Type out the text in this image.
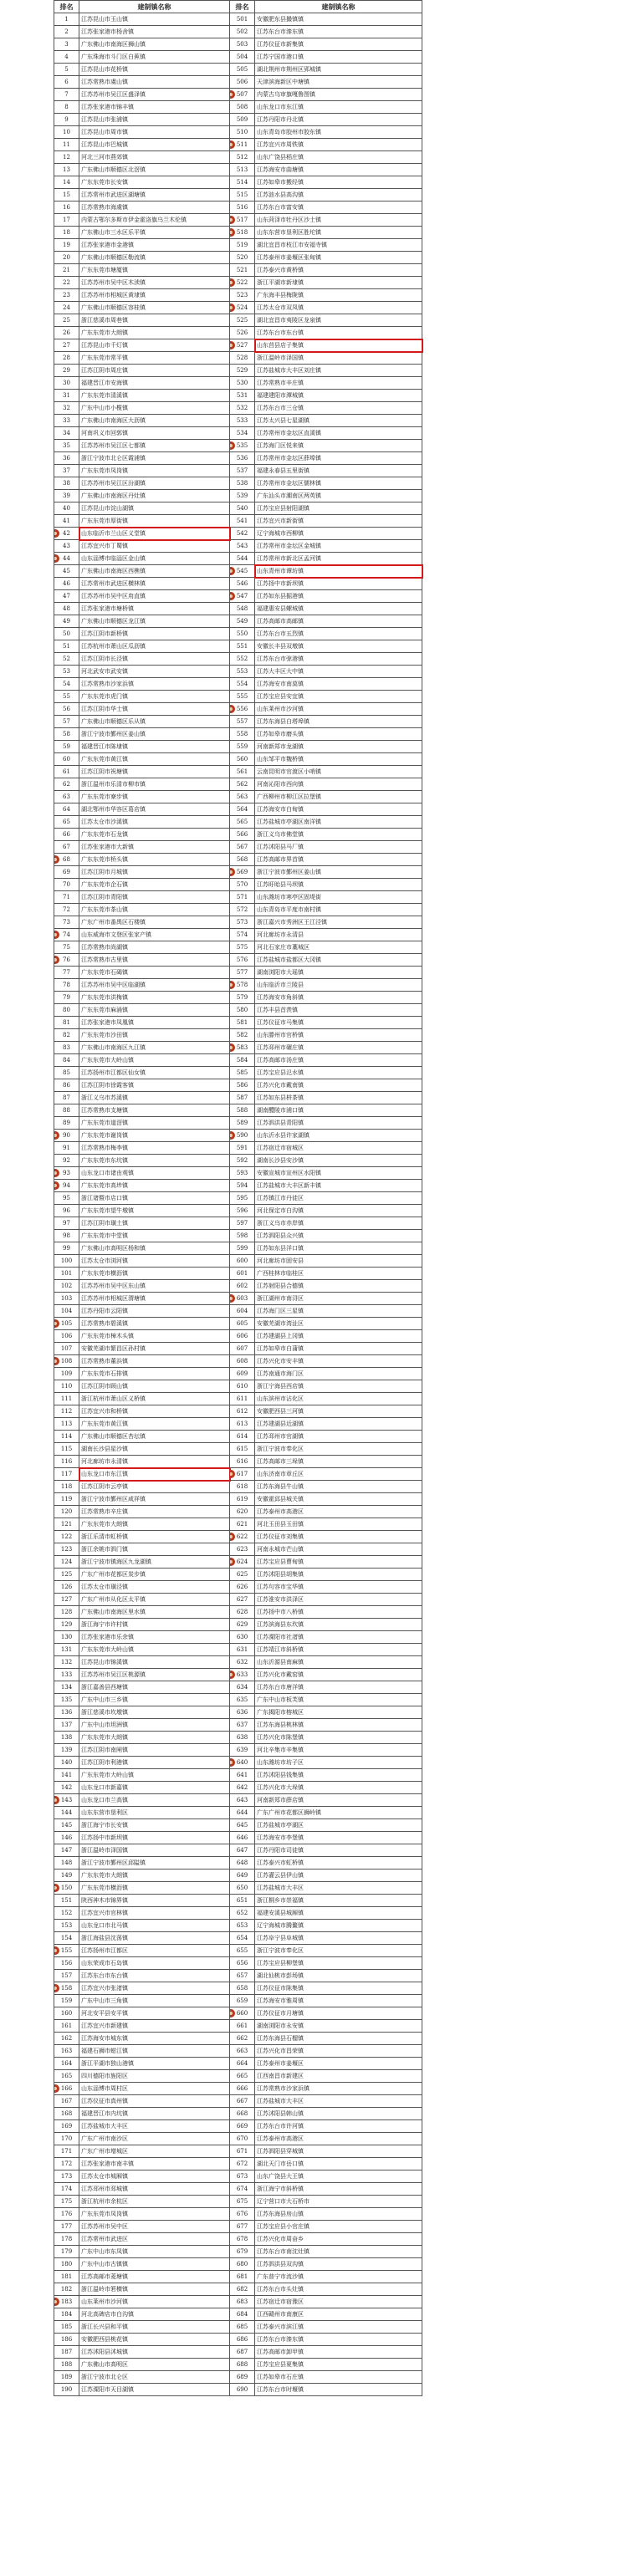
排名	建制镇名称	排名	建制镇名称
1	江苏昆山市玉山镇	501	安徽肥东县撮镇镇
2	江苏张家港市杨舍镇	502	江苏东台市溱东镇
3	广东佛山市南海区狮山镇	503	江苏仪征市新集镇
4	广东珠海市斗门区白蕉镇	504	江苏宁国市港口镇
5	江苏昆山市花桥镇	505	湖北荆州市荆州区郢城镇
6	江苏常熟市虞山镇	506	天津滨海新区中塘镇
7	江苏苏州市吴江区盛泽镇	507	内蒙古乌审旗嘎鲁图镇
8	江苏张家港市锦丰镇	508	山东龙口市东江镇
9	江苏昆山市张浦镇	509	江苏丹阳市丹北镇
10	江苏昆山市周市镇	510	山东青岛市胶州市胶东镇
11	江苏昆山市巴城镇	511	江苏宜兴市周铁镇
12	河北三河市燕郊镇	512	山东广饶县稻庄镇
13	广东佛山市顺德区北滘镇	513	江苏海安市曲塘镇
14	广东东莞市长安镇	514	江苏如皋市搬经镇
15	江苏常州市武进区湖塘镇	515	江苏涟水县高沟镇
16	江苏常熟市海虞镇	516	江苏东台市富安镇
17	内蒙古鄂尔多斯市伊金霍洛旗乌兰木伦镇	517	山东菏泽市牡丹区沙土镇
18	广东佛山市三水区乐平镇	518	山东东营市垦利区胜坨镇
19	江苏张家港市金港镇	519	湖北宜昌市枝江市安福寺镇
20	广东佛山市顺德区勒流镇	520	江苏泰州市姜堰区张甸镇
21	广东东莞市塘厦镇	521	江苏泰兴市黄桥镇
22	江苏苏州市吴中区木渎镇	522	浙江平湖市新埭镇
23	江苏苏州市相城区黄埭镇	523	广东海丰县梅陇镇
24	广东佛山市顺德区容桂镇	524	江苏太仓市双凤镇
25	浙江慈溪市周巷镇	525	湖北宜昌市夷陵区龙泉镇
26	广东东莞市大朗镇	526	江苏东台市东台镇
27	江苏昆山市千灯镇	527	山东莒县店子集镇
28	广东东莞市常平镇	528	浙江温岭市泽国镇
29	江苏江阴市周庄镇	529	江苏盐城市大丰区刘庄镇
30	福建晋江市安海镇	530	江苏常熟市辛庄镇
31	广东东莞市清溪镇	531	福建建阳市潭城镇
32	广东中山市小榄镇	532	江苏东台市三仓镇
33	广东佛山市南海区大沥镇	533	江苏太兴县七星湖镇
34	河南巩义市回郭镇	534	江苏常州市金坛区直溪镇
35	江苏苏州市吴江区七都镇	535	江苏海门区悦来镇
36	浙江宁波市北仑区霞浦镇	536	江苏常州市金坛区薛埠镇
37	广东东莞市凤岗镇	537	福建永春县五里街镇
38	江苏苏州市吴江区汾湖镇	538	江苏常州市金坛区儒林镇
39	广东佛山市南海区丹灶镇	539	广东汕头市潮南区两英镇
40	江苏昆山市淀山湖镇	540	江苏宝应县射阳湖镇
41	广东东莞市厚街镇	541	江苏宜兴市新街镇

42	山东临沂市兰山区义堂镇	542	辽宁海城市西柳镇
43	江苏宜兴市丁蜀镇	543	江苏常州市金坛区金城镇

44	山东淄博市临淄区金山镇	544	江苏常州市新北区孟河镇
45	广东佛山市南海区西樵镇	545	山东青州市谭坊镇
46	江苏常州市武进区横林镇	546	江苏扬中市新坝镇
47	江苏苏州市吴中区甪直镇	547	江苏如东县掘港镇
48	江苏张家港市塘桥镇	548	福建惠安县螺城镇
49	广东佛山市顺德区龙江镇	549	江苏高邮市高邮镇
50	江苏江阴市新桥镇	550	江苏东台市五烈镇
51	江苏杭州市萧山区瓜沥镇	551	安徽长丰县双墩镇
52	江苏江阴市长泾镇	552	江苏东台市弶港镇
53	河北武安市武安镇	553	江苏大丰区大中镇
54	江苏常熟市沙家浜镇	554	江苏海安市南莫镇
55	广东东莞市虎门镇	555	江苏宝应县安宜镇
56	江苏江阴市华士镇	556	山东莱州市沙河镇
57	广东佛山市顺德区乐从镇	557	江苏东海县白塔埠镇
58	浙江宁波市鄞州区姜山镇	558	江苏如皋市磨头镇
59	福建晋江市陈埭镇	559	河南新郑市龙湖镇
60	广东东莞市黄江镇	560	山东邹平市魏桥镇
61	江苏江阴市祝塘镇	561	云南昆明市官渡区小哨镇
62	浙江温州市乐清市柳市镇	562	河南沁阳市西向镇
63	广东东莞市寮步镇	563	广西柳州市柳江区拉堡镇
64	湖北鄂州市华容区葛店镇	564	江苏海安市白甸镇
65	江苏太仓市沙溪镇	565	江苏盐城市亭湖区南洋镇
66	广东东莞市石龙镇	566	浙江义乌市佛堂镇
67	江苏张家港市大新镇	567	江苏沭阳县马厂镇

68	广东东莞市桥头镇	568	江苏高邮市界首镇
69	江苏江阴市月城镇	569	浙江宁波市鄞州区姜山镇
70	广东东莞市企石镇	570	江苏盱眙县马坝镇
71	江苏江阴市青阳镇	571	山东潍坊市寒亭区固堤街
72	广东东莞市茶山镇	572	山东青岛市平度市南村镇
73	广东广州市番禺区石楼镇	573	浙江嘉兴市秀洲区王江泾镇

74	山东威海市文登区张家产镇	574	河北廊坊市永清县
75	江苏常熟市尚湖镇	575	河北石家庄市藁城区

76	江苏常熟市古里镇	576	江苏盐城市盐都区大冈镇
77	广东东莞市石碣镇	577	湖南浏阳市大瑶镇
78	江苏苏州市吴中区临湖镇	578	山东临沂市兰陵县
79	广东东莞市洪梅镇	579	江苏海安市角斜镇
80	广东东莞市麻涌镇	580	江苏丰县首羡镇
81	江苏张家港市凤凰镇	581	江苏仪征市马集镇
82	广东东莞市沙田镇	582	山东滕州市官桥镇
83	广东佛山市南海区九江镇	583	江苏邳州市碾庄镇
84	广东东莞市大岭山镇	584	江苏高邮市汤庄镇
85	江苏扬州市江都区仙女镇	585	江苏宝应县氾水镇
86	江苏江阴市徐霞客镇	586	江苏兴化市戴南镇
87	浙江义乌市苏溪镇	587	江苏如东县栟茶镇
88	江苏常熟市支塘镇	588	湖南醴陵市浦口镇
89	广东东莞市道滘镇	589	江苏泗洪县青阳镇

90	广东东莞市谢岗镇	590	山东沂水县许家湖镇
91	江苏常熟市梅李镇	591	江苏宿迁市宿城区
92	广东东莞市东坑镇	592	湖南长沙县安沙镇

93	山东龙口市诸由观镇	593	安徽宣城市宣州区水阳镇

94	广东东莞市高埗镇	594	江苏盐城市大丰区新丰镇
95	浙江诸暨市店口镇	595	江苏镇江市丹徒区
96	广东东莞市望牛墩镇	596	河北保定市白沟镇
97	江苏江阴市璜土镇	597	浙江义乌市赤岸镇
98	广东东莞市中堂镇	598	江苏泗阳县众兴镇
99	广东佛山市高明区杨和镇	599	江苏如东县洋口镇
100	江苏太仓市浏河镇	600	河北廊坊市固安县
101	广东东莞市横沥镇	601	广西桂林市临桂区
102	江苏苏州市吴中区东山镇	602	江苏射阳县合德镇
103	江苏苏州市相城区渭塘镇	603	浙江湖州市南浔区
104	江苏丹阳市云阳镇	604	江苏海门区三星镇

105	江苏常熟市碧溪镇	605	安徽芜湖市湾沚区
106	广东东莞市樟木头镇	606	江苏建湖县上冈镇
107	安徽芜湖市繁昌区孙村镇	607	江苏如皋市白蒲镇

108	江苏常熟市董浜镇	608	江苏兴化市安丰镇
109	广东东莞市石排镇	609	江苏南通市海门区
110	江苏江阴市顾山镇	610	浙江宁海县西店镇
111	浙江杭州市萧山区义桥镇	611	山东滨州市沾化区
112	江苏宜兴市和桥镇	612	安徽肥西县三河镇
113	广东东莞市黄江镇	613	江苏建湖县近湖镇
114	广东佛山市顺德区杏坛镇	614	江苏邳州市官湖镇
115	湖南长沙县星沙镇	615	浙江宁波市奉化区
116	河北廊坊市永清镇	616	江苏高邮市三垛镇
117	山东龙口市东江镇	617	山东济南市章丘区
118	江苏江阴市云亭镇	618	江苏东海县牛山镇
119	浙江宁波市鄞州区咸祥镇	619	安徽霍邱县城关镇
120	江苏常熟市辛庄镇	620	江苏泰州市高港区
121	广东东莞市大朗镇	621	河北玉田县玉田镇
122	浙江乐清市虹桥镇	622	江苏仪征市刘集镇
123	浙江余姚市泗门镇	623	河南永城市芒山镇
124	浙江宁波市镇海区九龙湖镇	624	江苏宝应县曹甸镇
125	广东广州市花都区炭步镇	625	江苏沭阳县胡集镇
126	江苏太仓市璜泾镇	626	江苏句容市宝华镇
127	广东广州市从化区太平镇	627	江苏淮安市洪泽区
128	广东佛山市南海区里水镇	628	江苏扬中市八桥镇
129	浙江海宁市许村镇	629	江苏滨海县东坎镇
130	江苏张家港市乐余镇	630	江苏溧阳市社渚镇
131	广东东莞市大岭山镇	631	江苏靖江市斜桥镇
132	江苏昆山市锦溪镇	632	山东沂源县南麻镇
133	江苏苏州市吴江区桃源镇	633	江苏兴化市戴窑镇
134	浙江嘉善县西塘镇	634	江苏东台市唐洋镇
135	广东中山市三乡镇	635	广东中山市板芙镇
136	浙江慈溪市坎墩镇	636	广东揭阳市榕城区
137	广东中山市坦洲镇	637	江苏东海县桃林镇
138	广东东莞市大朗镇	638	江苏兴化市陈堡镇
139	江苏江阴市南闸镇	639	河北辛集市辛集镇
140	江苏江阴市利港镇	640	山东潍坊市坊子区
141	广东东莞市大岭山镇	641	江苏沭阳县钱集镇
142	山东龙口市新嘉镇	642	江苏兴化市大垛镇

143	山东龙口市兰高镇	643	河南新郑市薛店镇
144	山东东营市垦利区	644	广东广州市花都区狮岭镇
145	浙江海宁市长安镇	645	江苏盐城市亭湖区
146	江苏扬中市新坝镇	646	江苏海安市李堡镇
147	浙江温岭市泽国镇	647	江苏丹阳市司徒镇
148	浙江宁波市鄞州区邱隘镇	648	江苏泰兴市虹桥镇
149	广东东莞市大朗镇	649	江苏灌云县伊山镇

150	广东东莞市横沥镇	650	江苏盐城市大丰区
151	陕西神木市锦界镇	651	浙江桐乡市崇福镇
152	江苏宜兴市官林镇	652	福建安溪县城厢镇
153	山东龙口市北马镇	653	辽宁海城市腾鳌镇
154	浙江海盐县沈荡镇	654	江苏阜宁县阜城镇

155	江苏扬州市江都区	655	浙江宁波市奉化区
156	山东荣成市石岛镇	656	江苏宝应县柳堡镇
157	江苏东台市东台镇	657	湖北仙桃市彭场镇

158	江苏宜兴市张渚镇	658	江苏仪征市陈集镇
159	广东中山市三角镇	659	江苏海安市雅周镇
160	河北安平县安平镇	660	江苏仪征市月塘镇
161	江苏宜兴市新建镇	661	湖南浏阳市永安镇
162	江苏海安市城东镇	662	江苏东海县石榴镇
163	福建石狮市蚶江镇	663	江苏兴化市昌荣镇
164	浙江平湖市独山港镇	664	江苏泰州市姜堰区
165	四川德阳市旌阳区	665	江西南昌市新建区

166	山东淄博市周村区	666	江苏常熟市沙家浜镇
167	江苏仪征市真州镇	667	江苏盐城市大丰区
168	福建晋江市内坑镇	668	江苏沭阳县韩山镇
169	江苏盐城市大丰区	669	江苏东台市许河镇
170	广东广州市南沙区	670	江苏泰州市高港区
171	广东广州市增城区	671	江苏泗阳县穿城镇
172	江苏张家港市南丰镇	672	湖北天门市岳口镇
173	江苏太仓市城厢镇	673	山东广饶县大王镇
174	江苏邳州市邳城镇	674	浙江海宁市斜桥镇
175	浙江杭州市余杭区	675	辽宁营口市大石桥市
176	广东东莞市凤岗镇	676	江苏东海县房山镇
177	江苏苏州市吴中区	677	江苏宝应县小官庄镇
178	江苏常州市武进区	678	江苏兴化市周奋乡
179	广东中山市东凤镇	679	江苏东台市南沈灶镇
180	广东中山市古镇镇	680	江苏泗洪县双沟镇
181	江苏高邮市菱塘镇	681	广东普宁市流沙镇
182	浙江温岭市箬横镇	682	江苏东台市头灶镇

183	山东莱州市沙河镇	683	江苏宿迁市宿豫区
184	河北高碑店市白沟镇	684	江西赣州市南康区
185	浙江长兴县和平镇	685	江苏泰兴市滨江镇
186	安徽肥西县桃花镇	686	江苏东台市溱东镇
187	江苏沭阳县沭城镇	687	江苏高邮市卸甲镇
188	广东佛山市高明区	688	江苏宝应县夏集镇
189	浙江宁波市北仑区	689	江苏如皋市石庄镇
190	江苏溧阳市天目湖镇	690	江苏东台市时堰镇
